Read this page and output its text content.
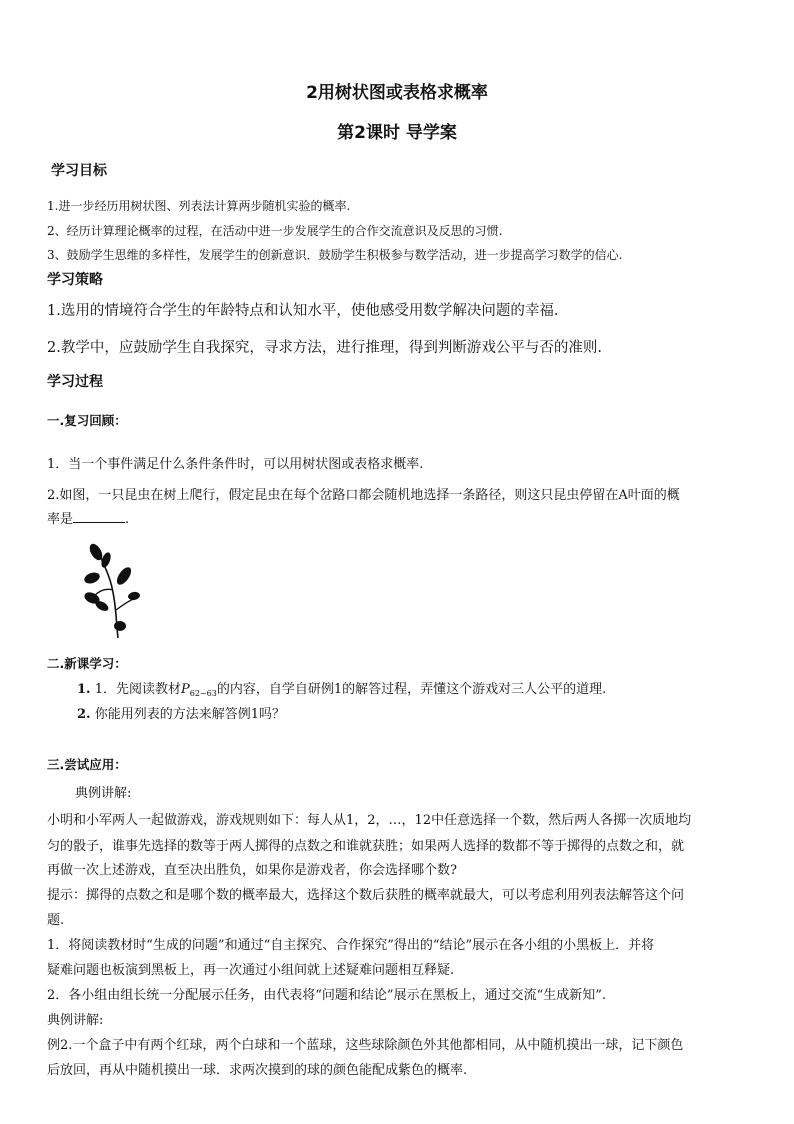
2用树状图或表格求概率
第2课时 导学案
学习目标
1.进一步经历用树状图、列表法计算两步随机实验的概率.
2、经历计算理论概率的过程，在活动中进一步发展学生的合作交流意识及反思的习惯.
3、鼓励学生思维的多样性，发展学生的创新意识．鼓励学生积极参与数学活动，进一步提高学习数学的信心.
学习策略
1.选用的情境符合学生的年龄特点和认知水平，使他感受用数学解决问题的幸福.
2.教学中，应鼓励学生自我探究，寻求方法，进行推理，得到判断游戏公平与否的准则.
学习过程
一.复习回顾：
1．当一个事件满足什么条件条件时，可以用树状图或表格求概率.
2.如图，一只昆虫在树上爬行，假定昆虫在每个岔路口都会随机地选择一条路径，则这只昆虫停留在A叶面的概
率是	.
A
二.新课学习：
1. 1．先阅读教材$P_{62-63}$的内容，自学自研例1的解答过程，弄懂这个游戏对三人公平的道理.
2. 你能用列表的方法来解答例1吗？
三.尝试应用：
典例讲解:
小明和小军两人一起做游戏，游戏规则如下：每人从1，2，…，12中任意选择一个数，然后两人各掷一次质地均
匀的骰子，谁事先选择的数等于两人掷得的点数之和谁就获胜；如果两人选择的数都不等于掷得的点数之和，就
再做一次上述游戏，直至决出胜负，如果你是游戏者，你会选择哪个数?
提示：掷得的点数之和是哪个数的概率最大，选择这个数后获胜的概率就最大，可以考虑利用列表法解答这个问
题.
1．将阅读教材时“生成的问题”和通过“自主探究、合作探究”得出的“结论”展示在各小组的小黑板上．并将
疑难问题也板演到黑板上，再一次通过小组间就上述疑难问题相互释疑.
2．各小组由组长统一分配展示任务，由代表将“问题和结论”展示在黑板上，通过交流“生成新知”.
典例讲解:
例2.一个盒子中有两个红球，两个白球和一个蓝球，这些球除颜色外其他都相同，从中随机摸出一球，记下颜色
后放回，再从中随机摸出一球．求两次摸到的球的颜色能配成紫色的概率.
